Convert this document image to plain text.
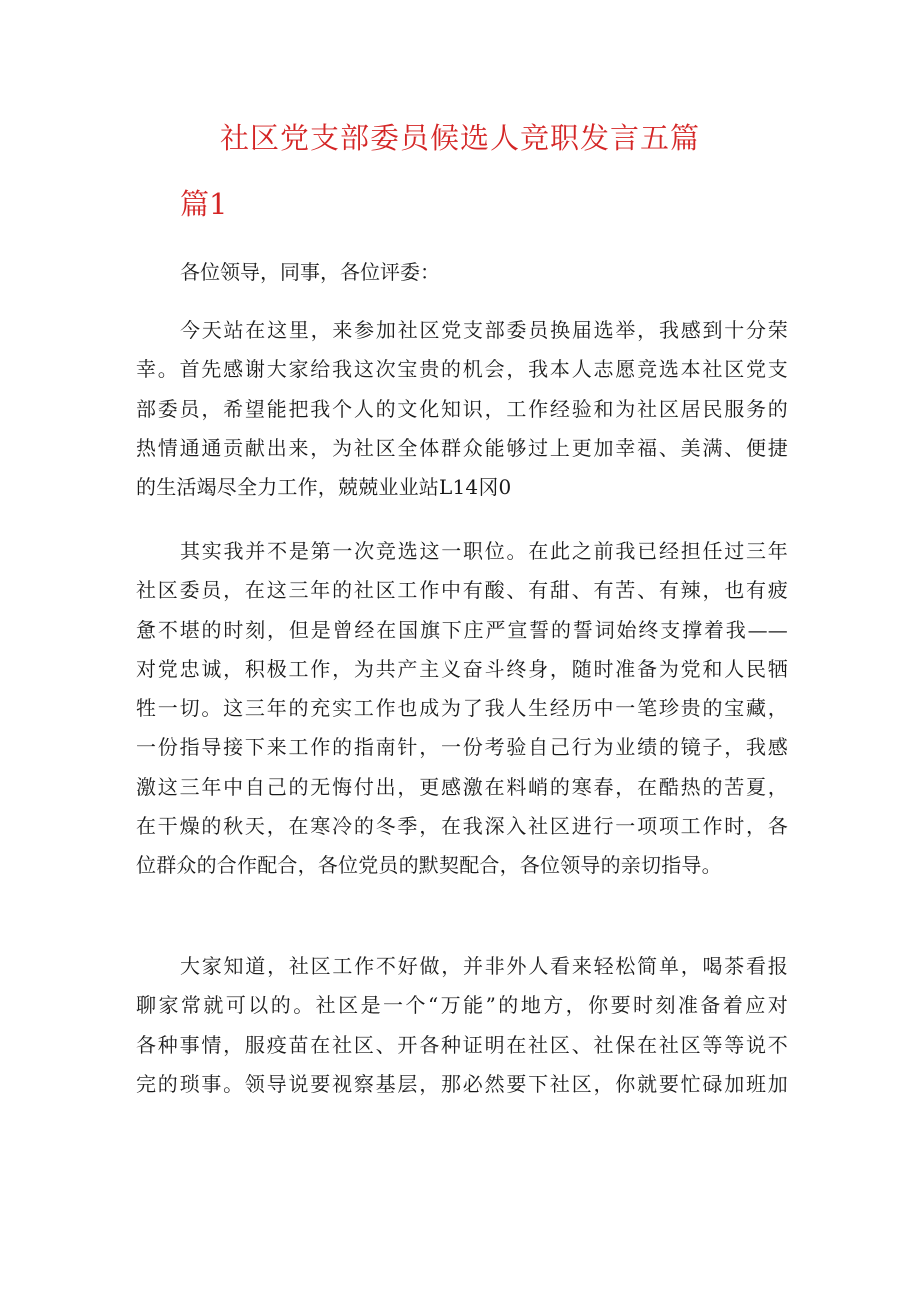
社区党支部委员候选人竞职发言五篇
篇1

各位领导，同事，各位评委：

今天站在这里，来参加社区党支部委员换届选举，我感到十分荣
幸。首先感谢大家给我这次宝贵的机会，我本人志愿竞选本社区党支
部委员，希望能把我个人的文化知识，工作经验和为社区居民服务的
热情通通贡献出来，为社区全体群众能够过上更加幸福、美满、便捷
的生活竭尽全力工作，兢兢业业站L14冈0
其实我并不是第一次竞选这一职位。在此之前我已经担任过三年
社区委员，在这三年的社区工作中有酸、有甜、有苦、有辣，也有疲
惫不堪的时刻，但是曾经在国旗下庄严宣誓的誓词始终支撑着我——
对党忠诚，积极工作，为共产主义奋斗终身，随时准备为党和人民牺
牲一切。这三年的充实工作也成为了我人生经历中一笔珍贵的宝藏，
一份指导接下来工作的指南针，一份考验自己行为业绩的镜子，我感
激这三年中自己的无悔付出，更感激在料峭的寒春，在酷热的苦夏，
在干燥的秋天，在寒冷的冬季，在我深入社区进行一项项工作时，各
位群众的合作配合，各位党员的默契配合，各位领导的亲切指导。
大家知道，社区工作不好做，并非外人看来轻松简单，喝茶看报
聊家常就可以的。社区是一个“万能”的地方，你要时刻准备着应对
各种事情，服疫苗在社区、开各种证明在社区、社保在社区等等说不
完的琐事。领导说要视察基层，那必然要下社区，你就要忙碌加班加
